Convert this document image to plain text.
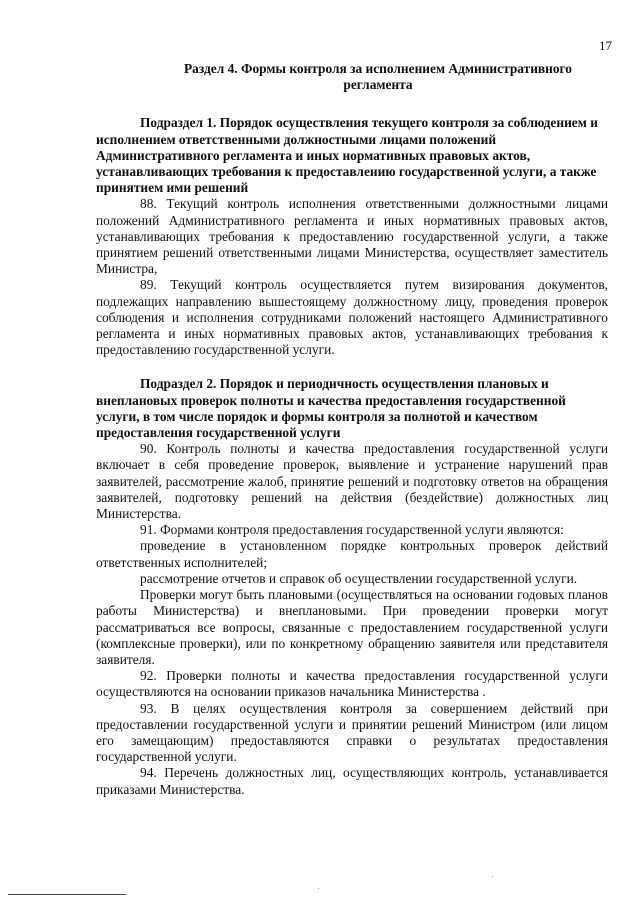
17
Раздел 4. Формы контроля за исполнением Административного регламента

Подраздел 1. Порядок осуществления текущего контроля за соблюдением и исполнением ответственными должностными лицами положений Административного регламента и иных нормативных правовых актов, устанавливающих требования к предоставлению государственной услуги, а также принятием ими решений

88. Текущий контроль исполнения ответственными должностными лицами положений Административного регламента и иных нормативных правовых актов, устанавливающих требования к предоставлению государственной услуги, а также принятием решений ответственными лицами Министерства, осуществляет заместитель Министра,

89. Текущий контроль осуществляется путем визирования документов, подлежащих направлению вышестоящему должностному лицу, проведения проверок соблюдения и исполнения сотрудниками положений настоящего Административного регламента и иных нормативных правовых актов, устанавливающих требования к предоставлению государственной услуги.

Подраздел 2. Порядок и периодичность осуществления плановых и внеплановых проверок полноты и качества предоставления государственной услуги, в том числе порядок и формы контроля за полнотой и качеством предоставления государственной услуги

90. Контроль полноты и качества предоставления государственной услуги включает в себя проведение проверок, выявление и устранение нарушений прав заявителей, рассмотрение жалоб, принятие решений и подготовку ответов на обращения заявителей, подготовку решений на действия (бездействие) должностных лиц Министерства.

91. Формами контроля предоставления государственной услуги являются:

проведение в установленном порядке контрольных проверок действий ответственных исполнителей;

рассмотрение отчетов и справок об осуществлении государственной услуги.

Проверки могут быть плановыми (осуществляться на основании годовых планов работы Министерства) и внеплановыми. При проведении проверки могут рассматриваться все вопросы, связанные с предоставлением государственной услуги (комплексные проверки), или по конкретному обращению заявителя или представителя заявителя.

92. Проверки полноты и качества предоставления государственной услуги осуществляются на основании приказов начальника Министерства .

93. В целях осуществления контроля за совершением действий при предоставлении государственной услуги и принятии решений Министром (или лицом его замещающим) предоставляются справки о результатах предоставления государственной услуги.

94. Перечень должностных лиц, осуществляющих контроль, устанавливается приказами Министерства.
